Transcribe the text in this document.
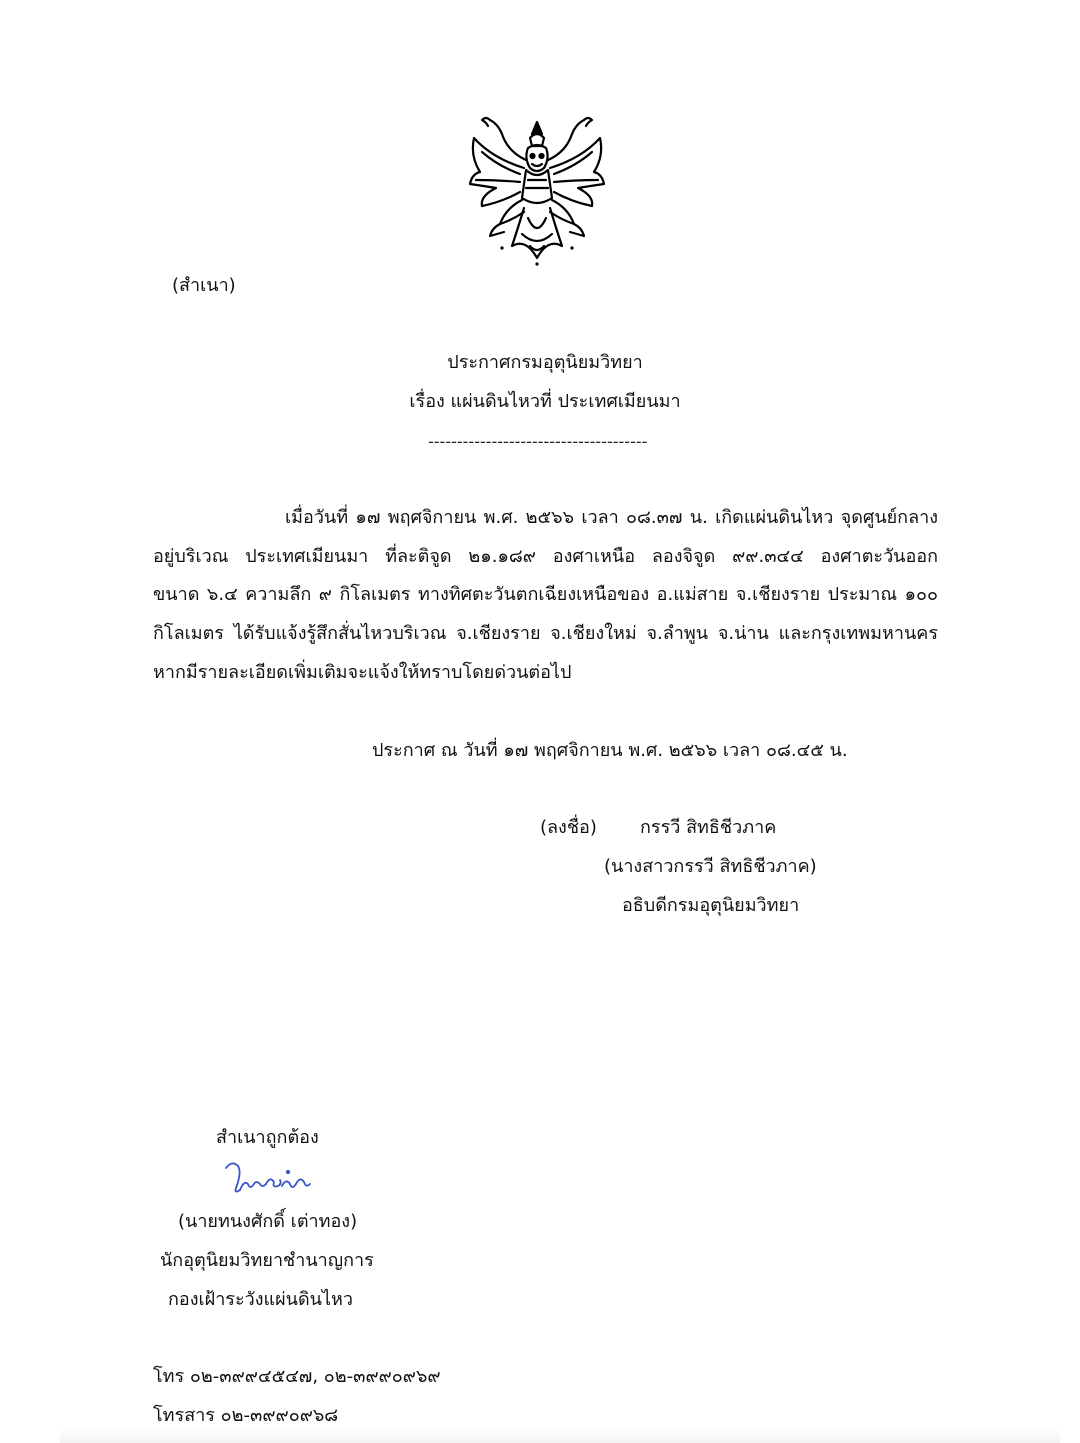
(สำเนา)
ประกาศกรมอุตุนิยมวิทยา
เรื่อง แผ่นดินไหวที่ ประเทศเมียนมา
--------------------------------------
เมื่อวันที่ ๑๗ พฤศจิกายน พ.ศ. ๒๕๖๖ เวลา ๐๘.๓๗ น. เกิดแผ่นดินไหว จุดศูนย์กลาง
อยู่บริเวณ ประเทศเมียนมา ที่ละติจูด ๒๑.๑๘๙ องศาเหนือ ลองจิจูด ๙๙.๓๔๔ องศาตะวันออก
ขนาด ๖.๔ ความลึก ๙ กิโลเมตร ทางทิศตะวันตกเฉียงเหนือของ อ.แม่สาย จ.เชียงราย ประมาณ ๑๐๐
กิโลเมตร ได้รับแจ้งรู้สึกสั่นไหวบริเวณ จ.เชียงราย จ.เชียงใหม่ จ.ลำพูน จ.น่าน และกรุงเทพมหานคร
หากมีรายละเอียดเพิ่มเติมจะแจ้งให้ทราบโดยด่วนต่อไป
ประกาศ ณ วันที่ ๑๗ พฤศจิกายน พ.ศ. ๒๕๖๖ เวลา ๐๘.๔๕ น.
(ลงชื่อ) กรรวี สิทธิชีวภาค
(นางสาวกรรวี สิทธิชีวภาค)
อธิบดีกรมอุตุนิยมวิทยา
สำเนาถูกต้อง
(นายทนงศักดิ์ เต่าทอง)
นักอุตุนิยมวิทยาชำนาญการ
กองเฝ้าระวังแผ่นดินไหว
โทร ๐๒-๓๙๙๔๕๔๗, ๐๒-๓๙๙๐๙๖๙
โทรสาร ๐๒-๓๙๙๐๙๖๘
